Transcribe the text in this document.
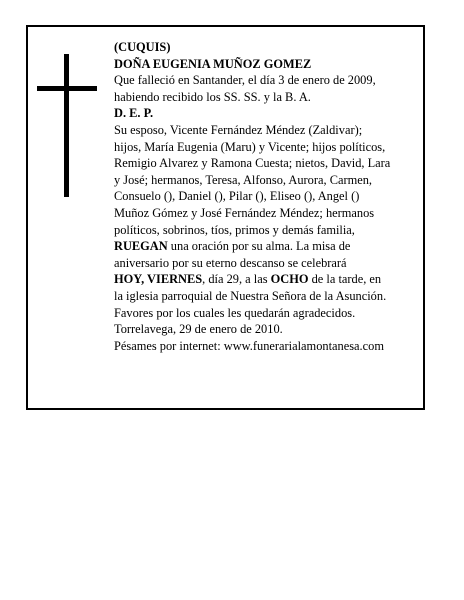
(CUQUIS)
DOÑA EUGENIA MUÑOZ GOMEZ
Que falleció en Santander, el día 3 de enero de 2009,
habiendo recibido los SS. SS. y la B. A.
D. E. P.
Su esposo, Vicente Fernández Méndez (Zaldivar);
hijos, María Eugenia (Maru) y Vicente; hijos políticos,
Remigio Alvarez y Ramona Cuesta; nietos, David, Lara
y José; hermanos, Teresa, Alfonso, Aurora, Carmen,
Consuelo (), Daniel (), Pilar (), Eliseo (), Angel ()
Muñoz Gómez y José Fernández Méndez; hermanos
políticos, sobrinos, tíos, primos y demás familia,
RUEGAN una oración por su alma. La misa de
aniversario por su eterno descanso se celebrará
HOY, VIERNES, día 29, a las OCHO de la tarde, en
la iglesia parroquial de Nuestra Señora de la Asunción.
Favores por los cuales les quedarán agradecidos.
Torrelavega, 29 de enero de 2010.
Pésames por internet: www.funerarialamontanesa.com
